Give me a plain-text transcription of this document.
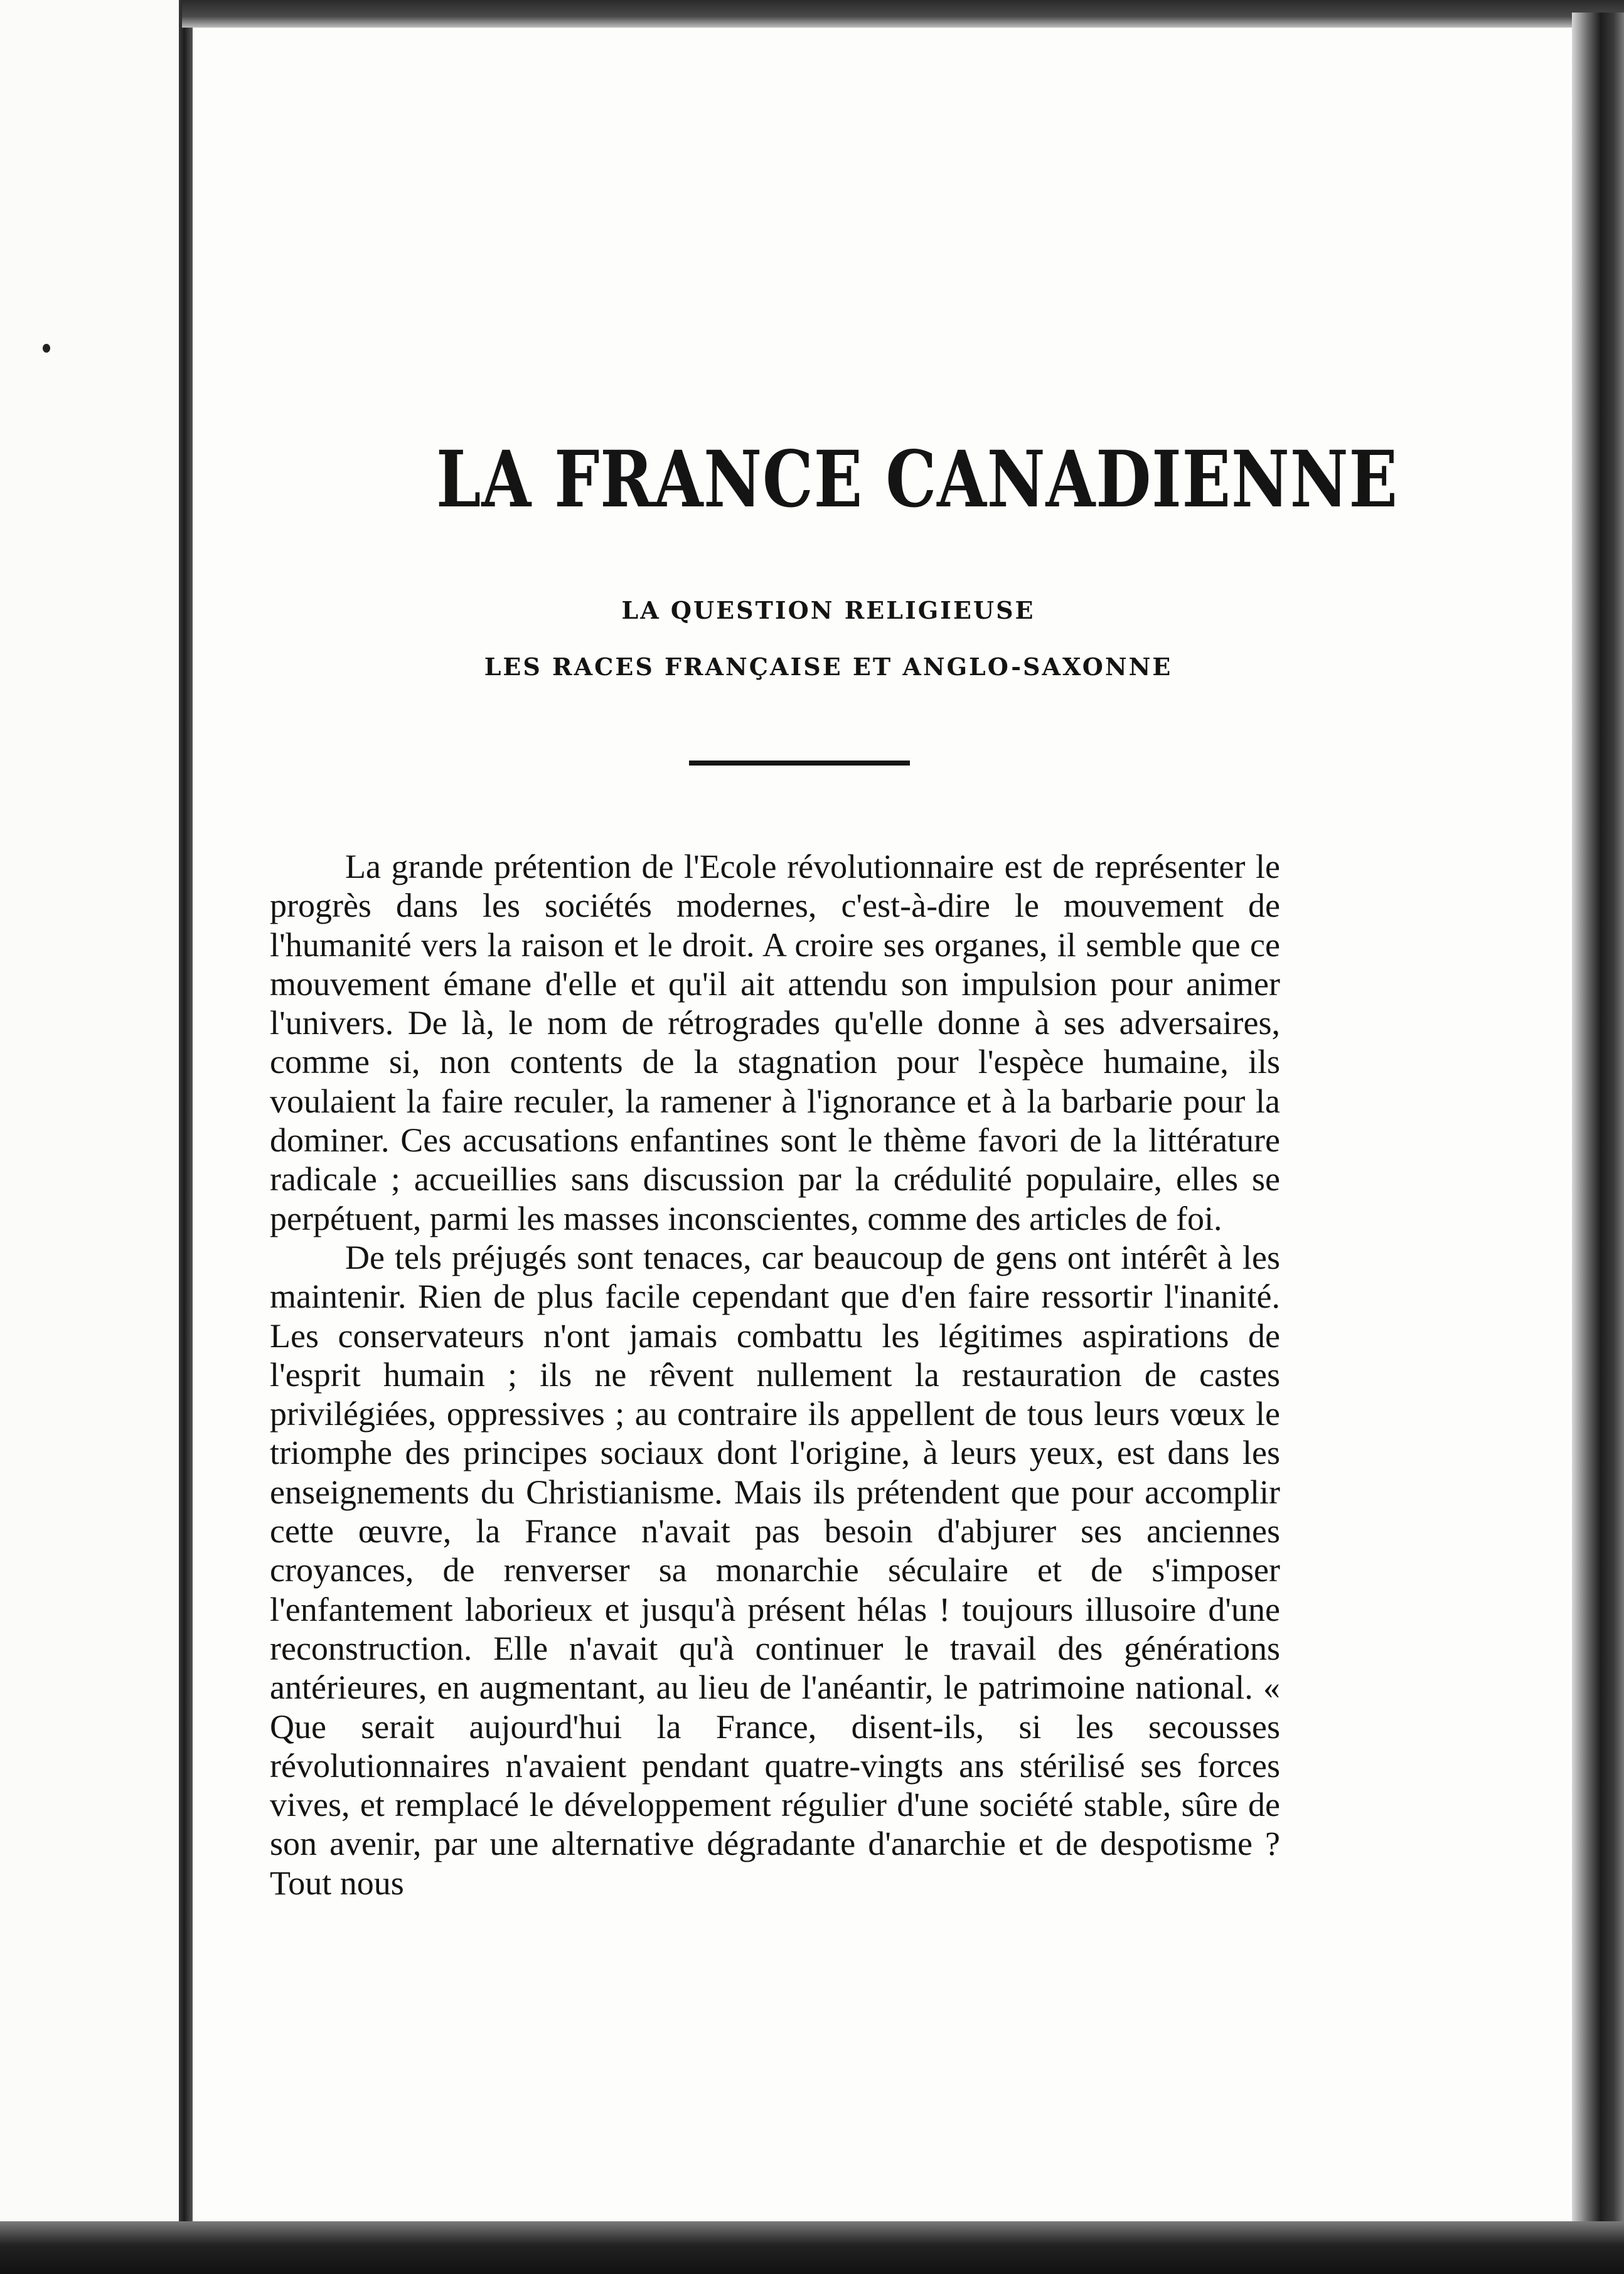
LA FRANCE CANADIENNE
LA QUESTION RELIGIEUSE
LES RACES FRANÇAISE ET ANGLO-SAXONNE

La grande prétention de l'Ecole révolutionnaire est de représenter le progrès dans les sociétés modernes, c'est-à-dire le mouvement de l'humanité vers la raison et le droit. A croire ses organes, il semble que ce mouvement émane d'elle et qu'il ait attendu son impulsion pour animer l'univers. De là, le nom de rétrogrades qu'elle donne à ses adversaires, comme si, non contents de la stagnation pour l'espèce humaine, ils voulaient la faire reculer, la ramener à l'ignorance et à la barbarie pour la dominer. Ces accusations enfantines sont le thème favori de la littérature radicale ; accueillies sans discussion par la crédulité populaire, elles se perpétuent, parmi les masses inconscientes, comme des articles de foi.

De tels préjugés sont tenaces, car beaucoup de gens ont intérêt à les maintenir. Rien de plus facile cependant que d'en faire ressortir l'inanité. Les conservateurs n'ont jamais combattu les légitimes aspirations de l'esprit humain ; ils ne rêvent nullement la restauration de castes privilégiées, oppressives ; au contraire ils appellent de tous leurs vœux le triomphe des principes sociaux dont l'origine, à leurs yeux, est dans les enseignements du Christianisme. Mais ils prétendent que pour accomplir cette œuvre, la France n'avait pas besoin d'abjurer ses anciennes croyances, de renverser sa monarchie séculaire et de s'imposer l'enfantement laborieux et jusqu'à présent hélas ! toujours illusoire d'une reconstruction. Elle n'avait qu'à continuer le travail des générations antérieures, en augmentant, au lieu de l'anéantir, le patrimoine national. « Que serait aujourd'hui la France, disent-ils, si les secousses révolutionnaires n'avaient pendant quatre-vingts ans stérilisé ses forces vives, et remplacé le développement régulier d'une société stable, sûre de son avenir, par une alternative dégradante d'anarchie et de despotisme ? Tout nous
